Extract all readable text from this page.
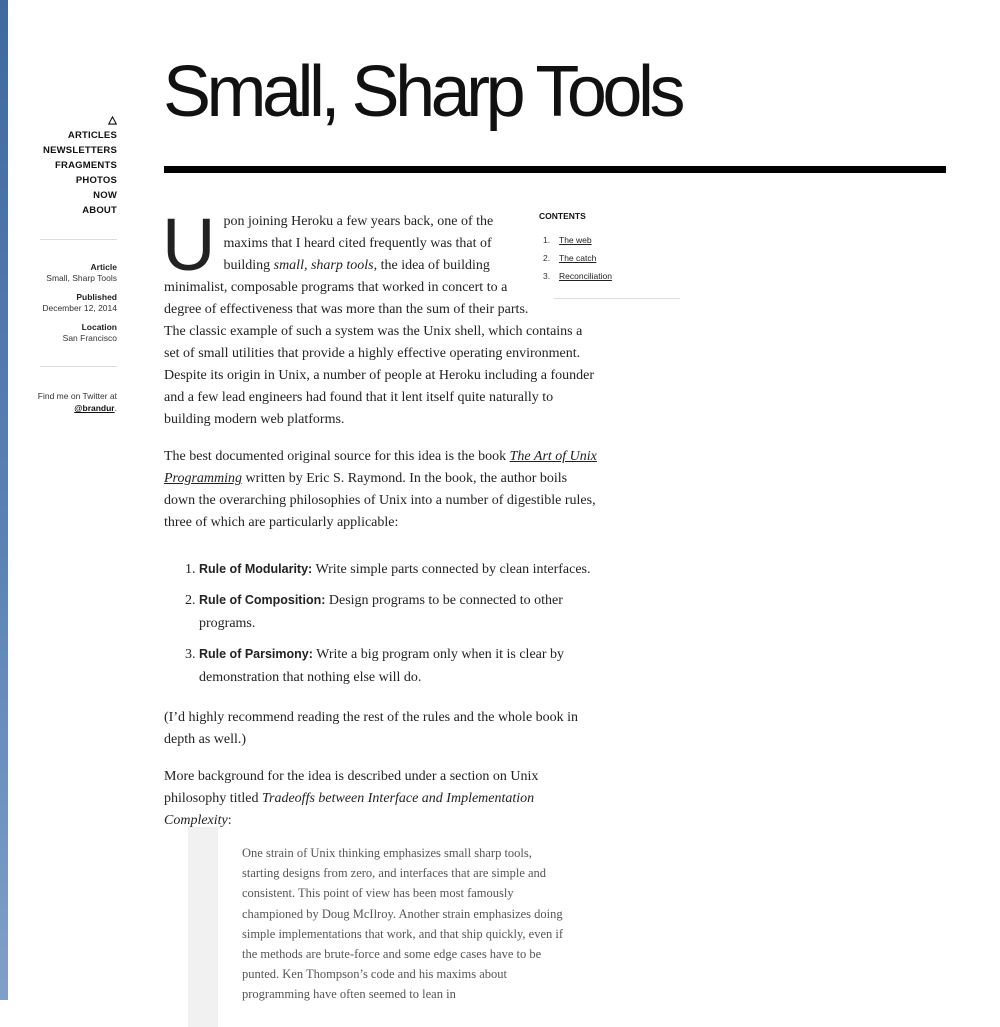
ARTICLES
NEWSLETTERS
FRAGMENTS
PHOTOS
NOW
ABOUT
Article
Small, Sharp Tools
Published
December 12, 2014
Location
San Francisco
Find me on Twitter at
@brandur.
Small, Sharp Tools
CONTENTS
1.	The web
2.	The catch
3.	Reconciliation

Upon joining Heroku a few years back, one of the maxims that I heard cited frequently was that of building small, sharp tools, the idea of building minimalist, composable programs that worked in concert to a degree of effectiveness that was more than the sum of their parts.
The classic example of such a system was the Unix shell, which contains a set of small utilities that provide a highly effective operating environment. Despite its origin in Unix, a number of people at Heroku including a founder and a few lead engineers had found that it lent itself quite naturally to building modern web platforms.

The best documented original source for this idea is the book The Art of Unix Programming written by Eric S. Raymond. In the book, the author boils down the overarching philosophies of Unix into a number of digestible rules, three of which are particularly applicable:

1. Rule of Modularity: Write simple parts connected by clean interfaces.
2. Rule of Composition: Design programs to be connected to other programs.
3. Rule of Parsimony: Write a big program only when it is clear by demonstration that nothing else will do.

(I’d highly recommend reading the rest of the rules and the whole book in depth as well.)

More background for the idea is described under a section on Unix philosophy titled Tradeoffs between Interface and Implementation Complexity:

One strain of Unix thinking emphasizes small sharp tools, starting designs from zero, and interfaces that are simple and consistent. This point of view has been most famously championed by Doug McIlroy. Another strain emphasizes doing simple implementations that work, and that ship quickly, even if the methods are brute-force and some edge cases have to be punted. Ken Thompson’s code and his maxims about programming have often seemed to lean in
